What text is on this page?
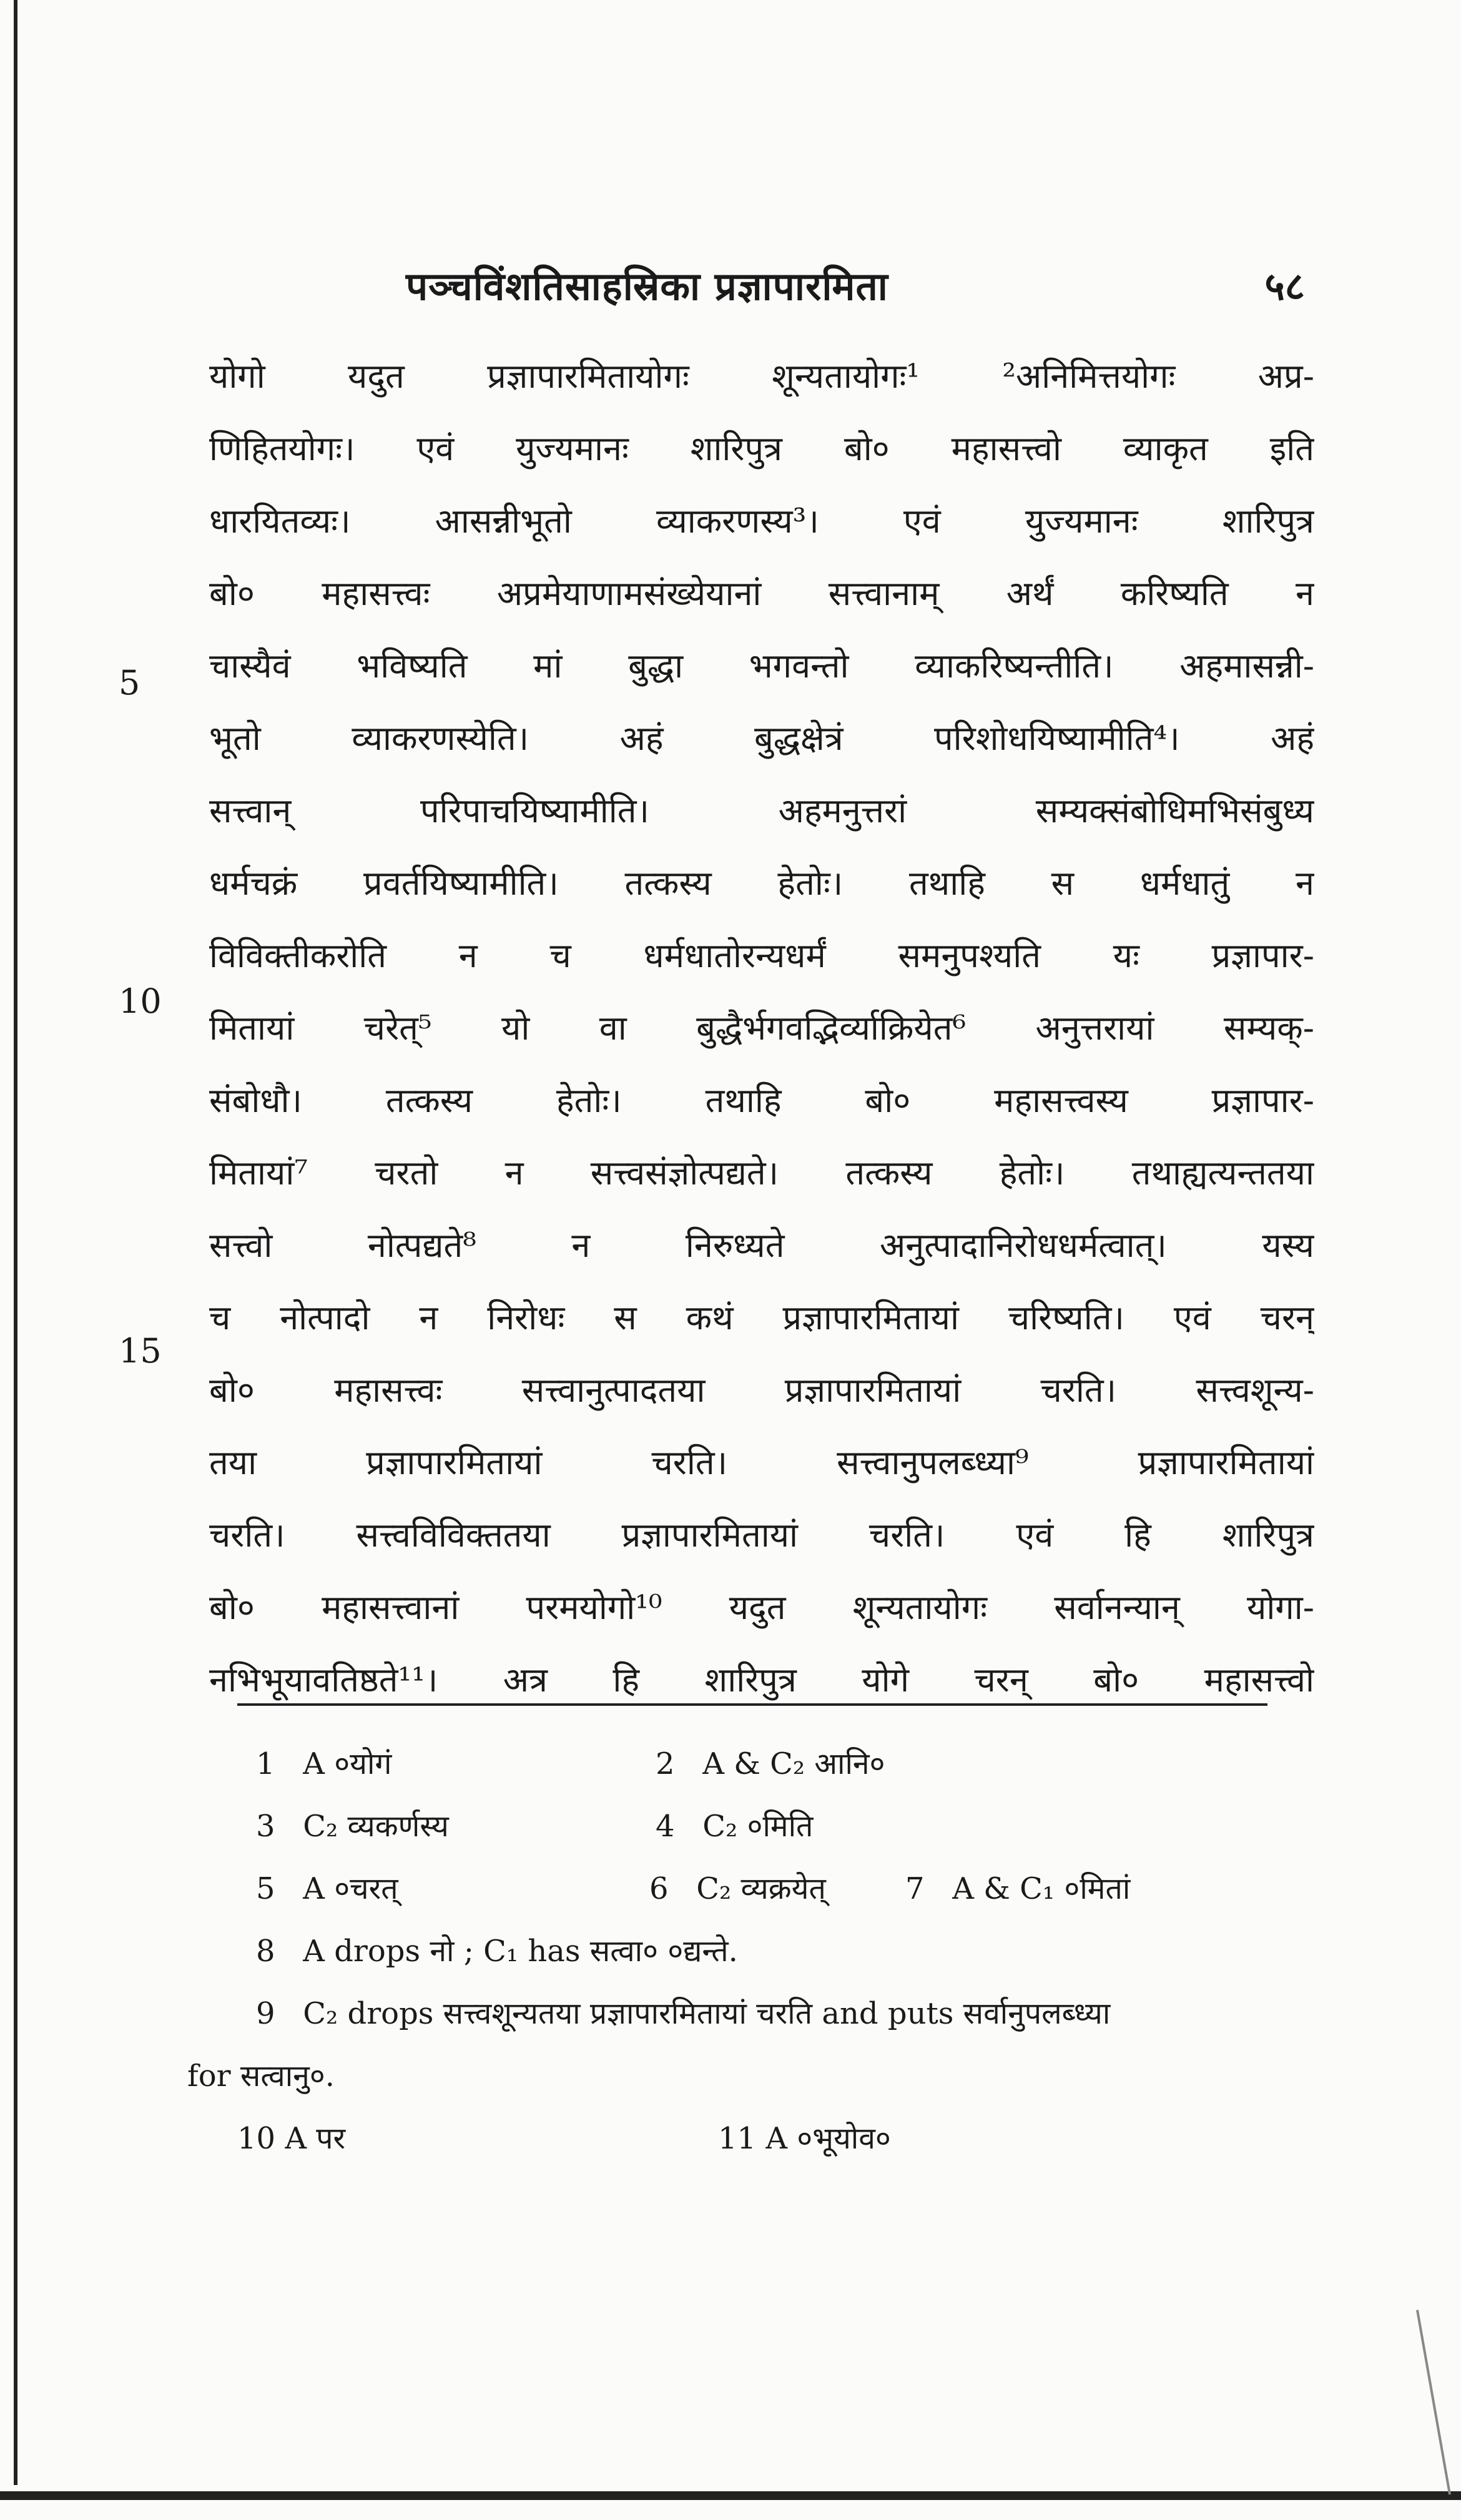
पञ्चविंशतिसाहस्रिका प्रज्ञापारमिता	५८
5
10
15
योगो यदुत प्रज्ञापारमितायोगः शून्यतायोगः¹ ²अनिमित्तयोगः अप्र-
णिहितयोगः। एवं युज्यमानः शारिपुत्र बो० महासत्त्वो व्याकृत इति
धारयितव्यः। आसन्नीभूतो व्याकरणस्य³। एवं युज्यमानः शारिपुत्र
बो० महासत्त्वः अप्रमेयाणामसंख्येयानां सत्त्वानाम् अर्थं करिष्यति न
चास्यैवं भविष्यति मां बुद्धा भगवन्तो व्याकरिष्यन्तीति। अहमासन्नी-
भूतो व्याकरणस्येति। अहं बुद्धक्षेत्रं परिशोधयिष्यामीति⁴। अहं
सत्त्वान् परिपाचयिष्यामीति। अहमनुत्तरां सम्यक्संबोधिमभिसंबुध्य
धर्मचक्रं प्रवर्तयिष्यामीति। तत्कस्य हेतोः। तथाहि स धर्मधातुं न
विविक्तीकरोति न च धर्मधातोरन्यधर्मं समनुपश्यति यः प्रज्ञापार-
मितायां चरेत्⁵ यो वा बुद्धैर्भगवद्भिर्व्याक्रियेत⁶ अनुत्तरायां सम्यक्-
संबोधौ। तत्कस्य हेतोः। तथाहि बो० महासत्त्वस्य प्रज्ञापार-
मितायां⁷ चरतो न सत्त्वसंज्ञोत्पद्यते। तत्कस्य हेतोः। तथाह्यत्यन्ततया
सत्त्वो नोत्पद्यते⁸ न निरुध्यते अनुत्पादानिरोधधर्मत्वात्। यस्य
च नोत्पादो न निरोधः स कथं प्रज्ञापारमितायां चरिष्यति। एवं चरन्
बो० महासत्त्वः सत्त्वानुत्पादतया प्रज्ञापारमितायां चरति। सत्त्वशून्य-
तया प्रज्ञापारमितायां चरति। सत्त्वानुपलब्ध्या⁹ प्रज्ञापारमितायां
चरति। सत्त्वविविक्ततया प्रज्ञापारमितायां चरति। एवं हि शारिपुत्र
बो० महासत्त्वानां परमयोगो¹⁰ यदुत शून्यतायोगः सर्वानन्यान् योगा-
नभिभूयावतिष्ठते¹¹। अत्र हि शारिपुत्र योगे चरन् बो० महासत्त्वो
1 A ०योगं	2 A & C₂ आनि०
3 C₂ व्यकर्णस्य	4 C₂ ०मिति
5 A ०चरत्	6 C₂ व्यक्रयेत्	7 A & C₁ ०मितां
8 A drops नो ; C₁ has सत्वा० ०द्यन्ते.
9 C₂ drops सत्त्वशून्यतया प्रज्ञापारमितायां चरति and puts सर्वानुपलब्ध्या
for सत्वानु०.
10 A पर	11 A ०भूयोव०
